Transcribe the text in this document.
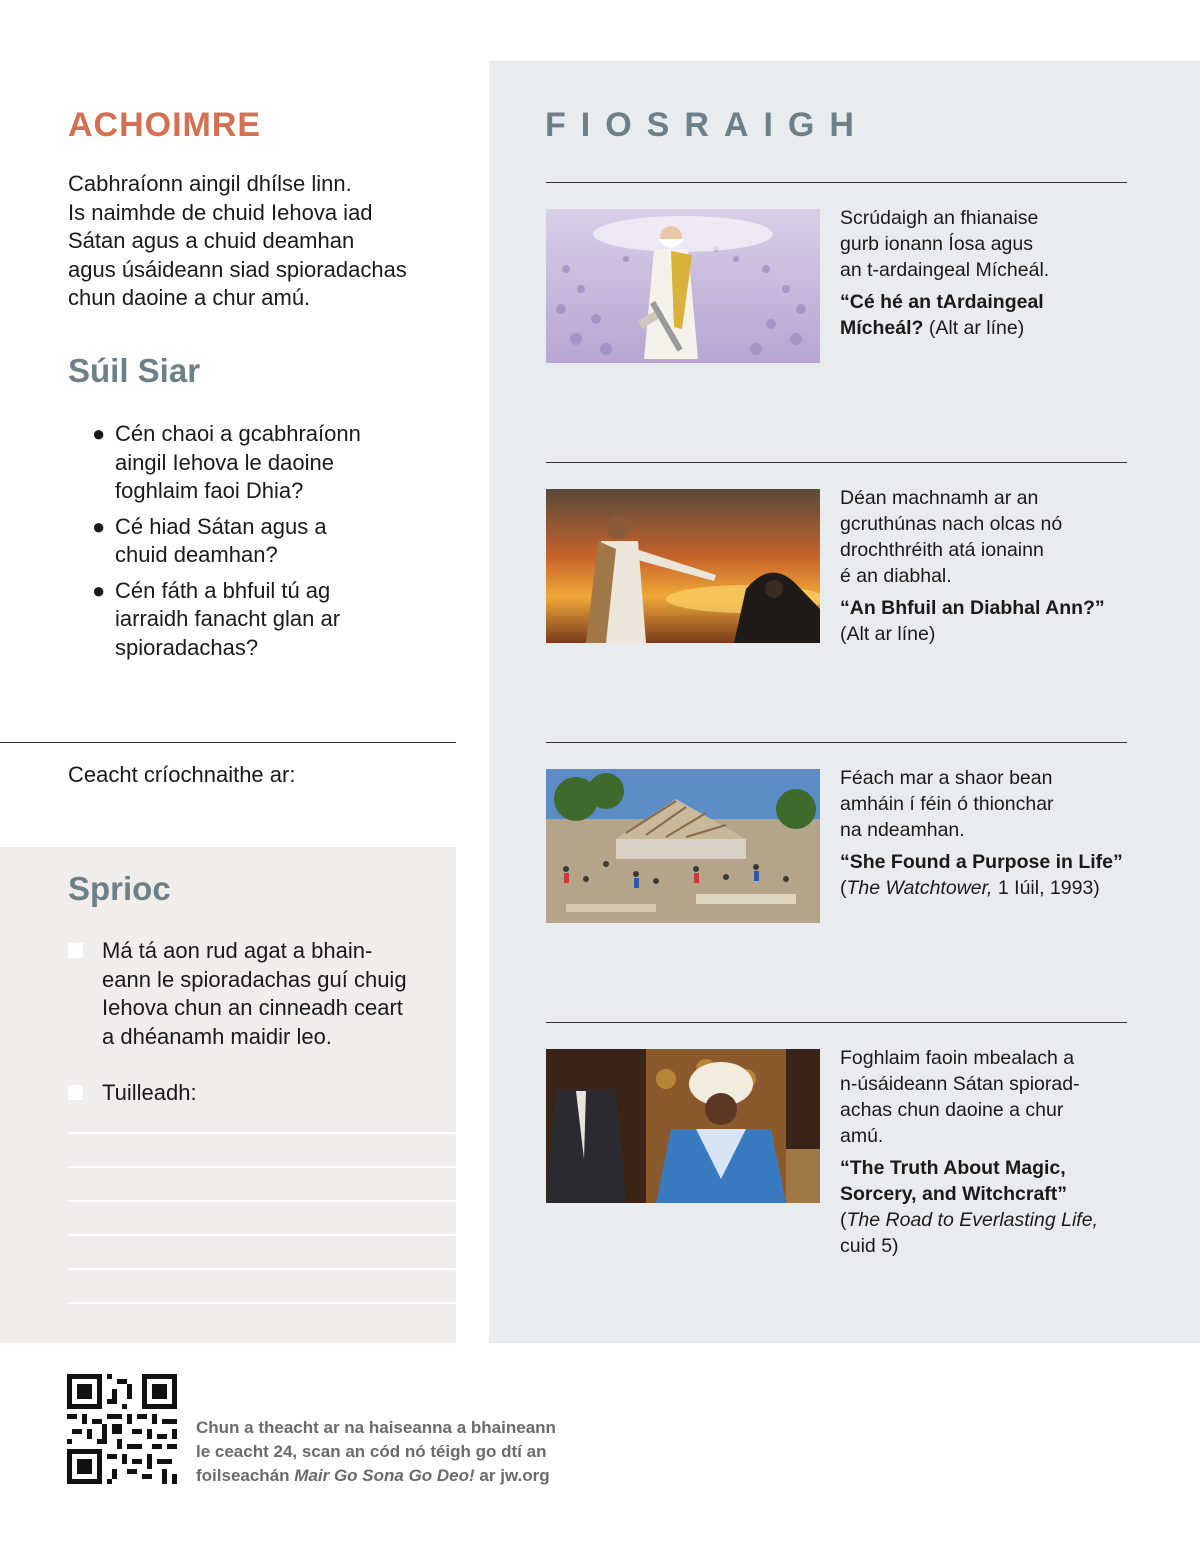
ACHOIMRE
Cabhraíonn aingil dhílse linn.
Is naimhde de chuid Iehova iad
Sátan agus a chuid deamhan
agus úsáideann siad spioradachas
chun daoine a chur amú.
Súil Siar
● Cén chaoi a gcabhraíonn
aingil Iehova le daoine
foghlaim faoi Dhia?
● Cé hiad Sátan agus a
chuid deamhan?
● Cén fáth a bhfuil tú ag
iarraidh fanacht glan ar
spioradachas?
Ceacht críochnaithe ar:
Sprioc
Má tá aon rud agat a bhain-
eann le spioradachas guí chuig
Iehova chun an cinneadh ceart
a dhéanamh maidir leo.
Tuilleadh:
FIOSRAIGH
Scrúdaigh an fhianaise
gurb ionann Íosa agus
an t-ardaingeal Mícheál.
“Cé hé an tArdaingeal
Mícheál? (Alt ar líne)
Déan machnamh ar an
gcruthúnas nach olcas nó
drochthréith atá ionainn
é an diabhal.
“An Bhfuil an Diabhal Ann?”
(Alt ar líne)
Féach mar a shaor bean
amháin í féin ó thionchar
na ndeamhan.
“She Found a Purpose in Life”
(The Watchtower, 1 Iúil, 1993)
Foghlaim faoin mbealach a
n-úsáideann Sátan spiorad-
achas chun daoine a chur
amú.
“The Truth About Magic,
Sorcery, and Witchcraft”
(The Road to Everlasting Life,
cuid 5)
Chun a theacht ar na haiseanna a bhaineann
le ceacht 24, scan an cód nó téigh go dtí an
foilseachán Mair Go Sona Go Deo! ar jw.org
